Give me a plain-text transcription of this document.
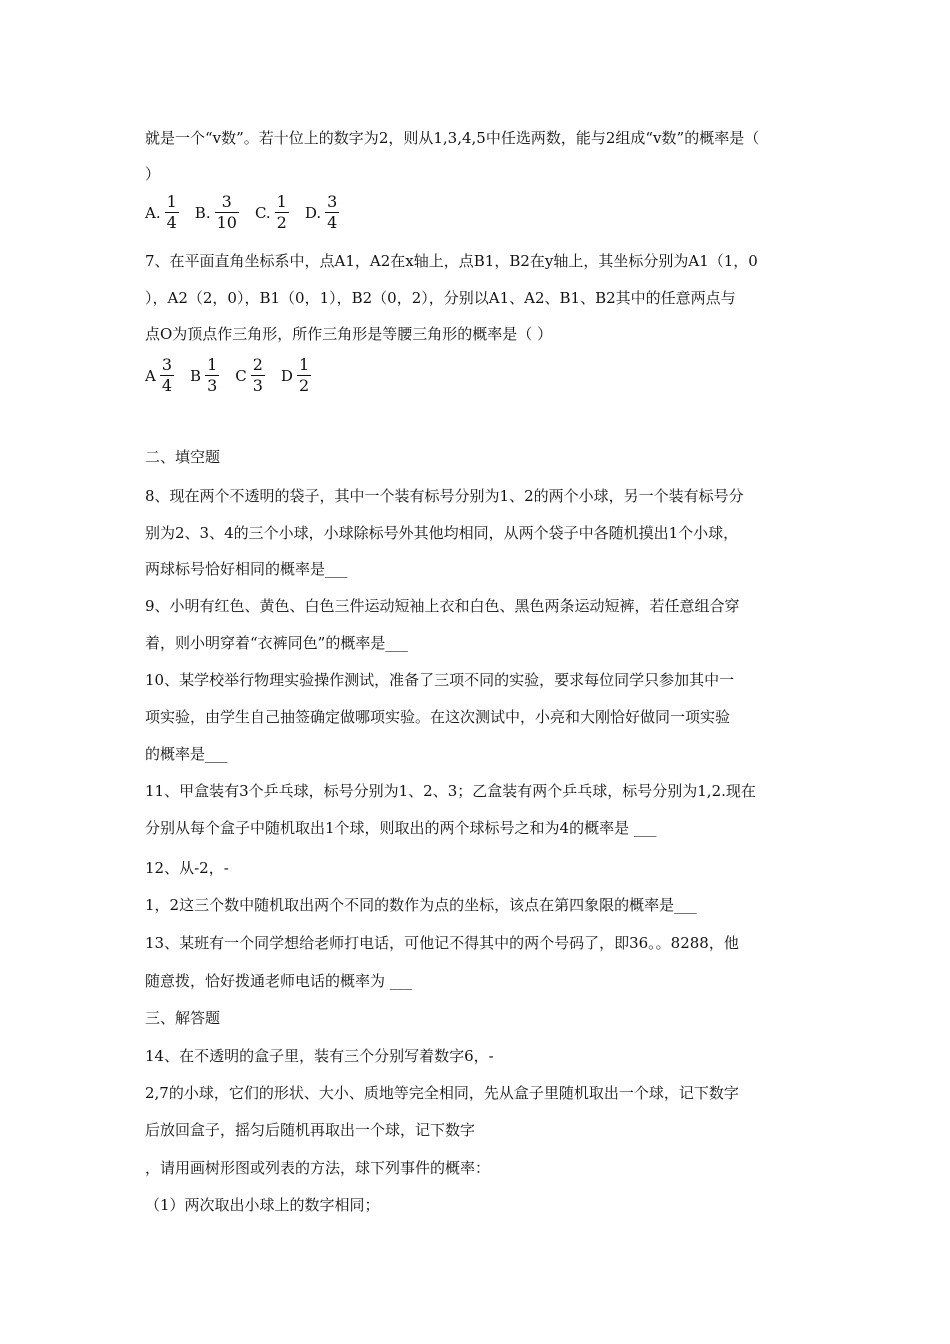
就是一个“v数”。若十位上的数字为2，则从1,3,4,5中任选两数，能与2组成“v数”的概率是（
）
A. $\frac{1}{4} B$. $\frac{3}{10} C$. $\frac{1}{2} D$. $\frac{3}{4}$
7、在平面直角坐标系中，点A1，A2在x轴上，点B1，B2在y轴上，其坐标分别为A1（1，0
），A2（2，0），B1（0，1），B2（0，2），分别以A1、A2、B1、B2其中的任意两点与
点O为顶点作三角形，所作三角形是等腰三角形的概率是（ ）
A $\frac{3}{4}$ B $\frac{1}{3}$ C $\frac{2}{3}$ D $\frac{1}{2}$
二、填空题
8、现在两个不透明的袋子，其中一个装有标号分别为1、2的两个小球，另一个装有标号分
别为2、3、4的三个小球，小球除标号外其他均相同，从两个袋子中各随机摸出1个小球，
两球标号恰好相同的概率是___
9、小明有红色、黄色、白色三件运动短袖上衣和白色、黑色两条运动短裤，若任意组合穿
着，则小明穿着“衣裤同色”的概率是___
10、某学校举行物理实验操作测试，准备了三项不同的实验，要求每位同学只参加其中一
项实验，由学生自己抽签确定做哪项实验。在这次测试中，小亮和大刚恰好做同一项实验
的概率是___
11、甲盒装有3个乒乓球，标号分别为1、2、3；乙盒装有两个乒乓球，标号分别为1,2.现在
分别从每个盒子中随机取出1个球，则取出的两个球标号之和为4的概率是 ___
12、从-2，-
1，2这三个数中随机取出两个不同的数作为点的坐标，该点在第四象限的概率是___
13、某班有一个同学想给老师打电话，可他记不得其中的两个号码了，即36。。8288，他
随意拨，恰好拨通老师电话的概率为 ___
三、解答题
14、在不透明的盒子里，装有三个分别写着数字6，-
2,7的小球，它们的形状、大小、质地等完全相同，先从盒子里随机取出一个球，记下数字
后放回盒子，摇匀后随机再取出一个球，记下数字
，请用画树形图或列表的方法，球下列事件的概率：
（1）两次取出小球上的数字相同；
